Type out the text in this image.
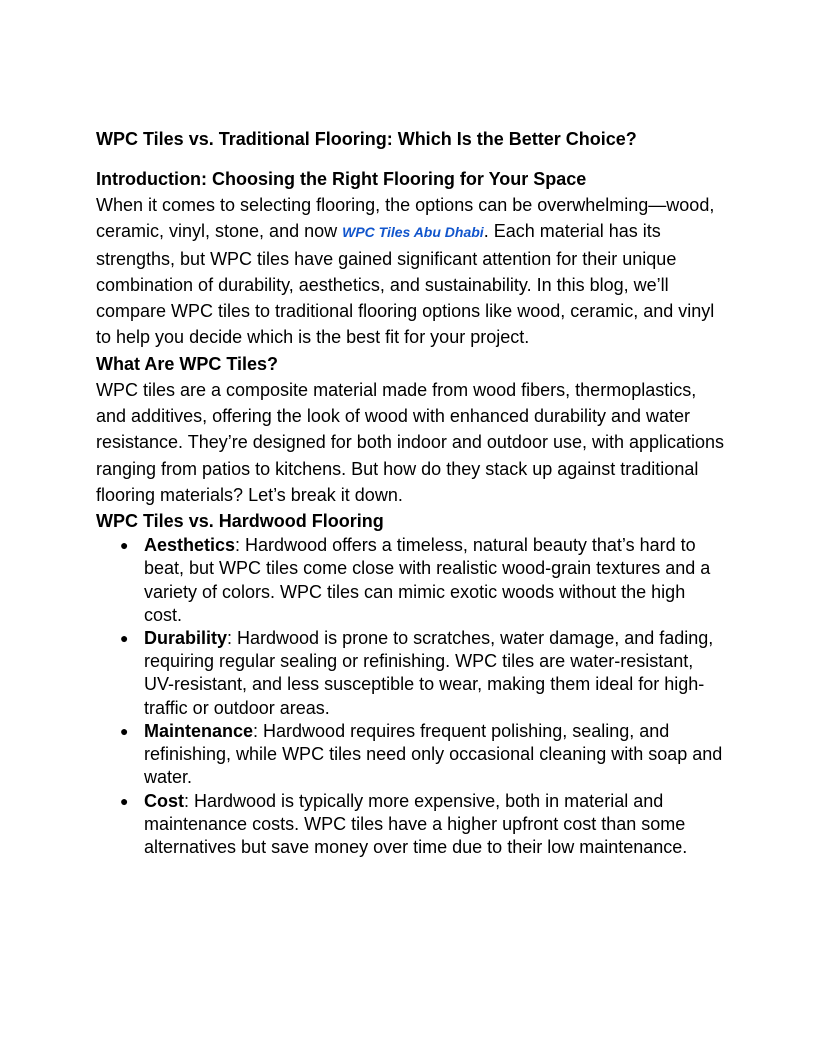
WPC Tiles vs. Traditional Flooring: Which Is the Better Choice?

Introduction: Choosing the Right Flooring for Your Space

When it comes to selecting flooring, the options can be overwhelming—wood, ceramic, vinyl, stone, and now WPC Tiles Abu Dhabi. Each material has its strengths, but WPC tiles have gained significant attention for their unique combination of durability, aesthetics, and sustainability. In this blog, we’ll compare WPC tiles to traditional flooring options like wood, ceramic, and vinyl to help you decide which is the best fit for your project.

What Are WPC Tiles?

WPC tiles are a composite material made from wood fibers, thermoplastics, and additives, offering the look of wood with enhanced durability and water resistance. They’re designed for both indoor and outdoor use, with applications ranging from patios to kitchens. But how do they stack up against traditional flooring materials? Let’s break it down.

WPC Tiles vs. Hardwood Flooring

● Aesthetics: Hardwood offers a timeless, natural beauty that’s hard to beat, but WPC tiles come close with realistic wood-grain textures and a variety of colors. WPC tiles can mimic exotic woods without the high cost.
● Durability: Hardwood is prone to scratches, water damage, and fading, requiring regular sealing or refinishing. WPC tiles are water-resistant, UV-resistant, and less susceptible to wear, making them ideal for high-traffic or outdoor areas.
● Maintenance: Hardwood requires frequent polishing, sealing, and refinishing, while WPC tiles need only occasional cleaning with soap and water.
● Cost: Hardwood is typically more expensive, both in material and maintenance costs. WPC tiles have a higher upfront cost than some alternatives but save money over time due to their low maintenance.
